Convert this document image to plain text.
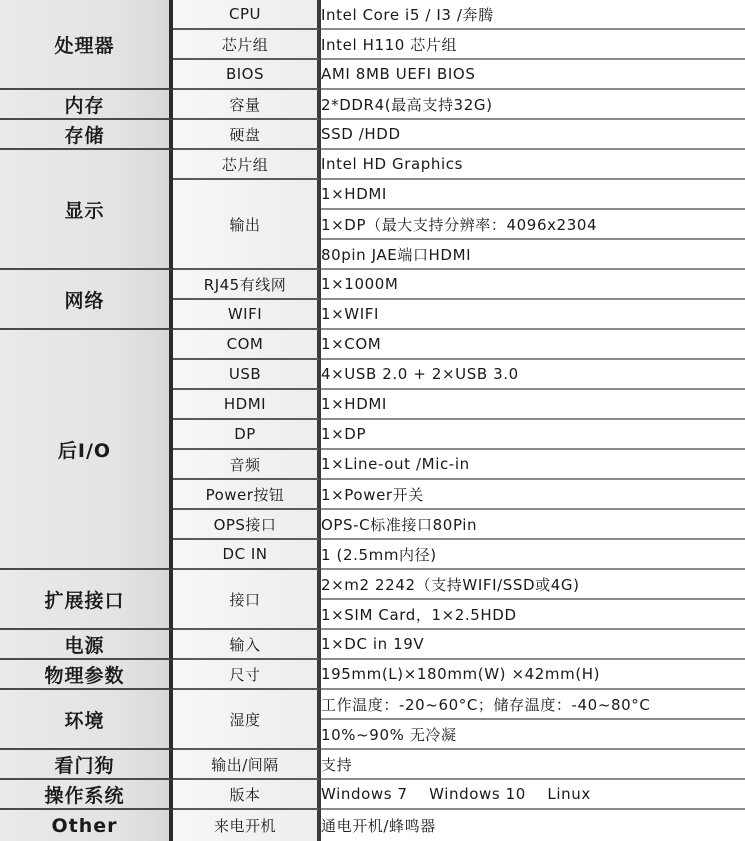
处理器	CPU	Intel Core i5 / I3 /奔腾
	芯片组	Intel H110 芯片组
	BIOS	AMI 8MB UEFI BIOS
内存	容量	2*DDR4(最高支持32G)
存储	硬盘	SSD /HDD
显示	芯片组	Intel HD Graphics
	输出	1×HDMI
		1×DP（最大支持分辨率：4096x2304
		80pin JAE端口HDMI
网络	RJ45有线网	1×1000M
	WIFI	1×WIFI
后I/O	COM	1×COM
	USB	4×USB 2.0 + 2×USB 3.0
	HDMI	1×HDMI
	DP	1×DP
	音频	1×Line-out /Mic-in
	Power按钮	1×Power开关
	OPS接口	OPS-C标准接口80Pin
	DC IN	1 (2.5mm内径)
扩展接口	接口	2×m2 2242（支持WIFI/SSD或4G)
		1×SIM Card，1×2.5HDD
电源	输入	1×DC in 19V
物理参数	尺寸	195mm(L)×180mm(W) ×42mm(H)
环境	湿度	工作温度：-20~60°C；储存温度：-40~80°C
		10%~90% 无冷凝
看门狗	输出/间隔	支持
操作系统	版本	Windows 7    Windows 10    Linux
Other	来电开机	通电开机/蜂鸣器
